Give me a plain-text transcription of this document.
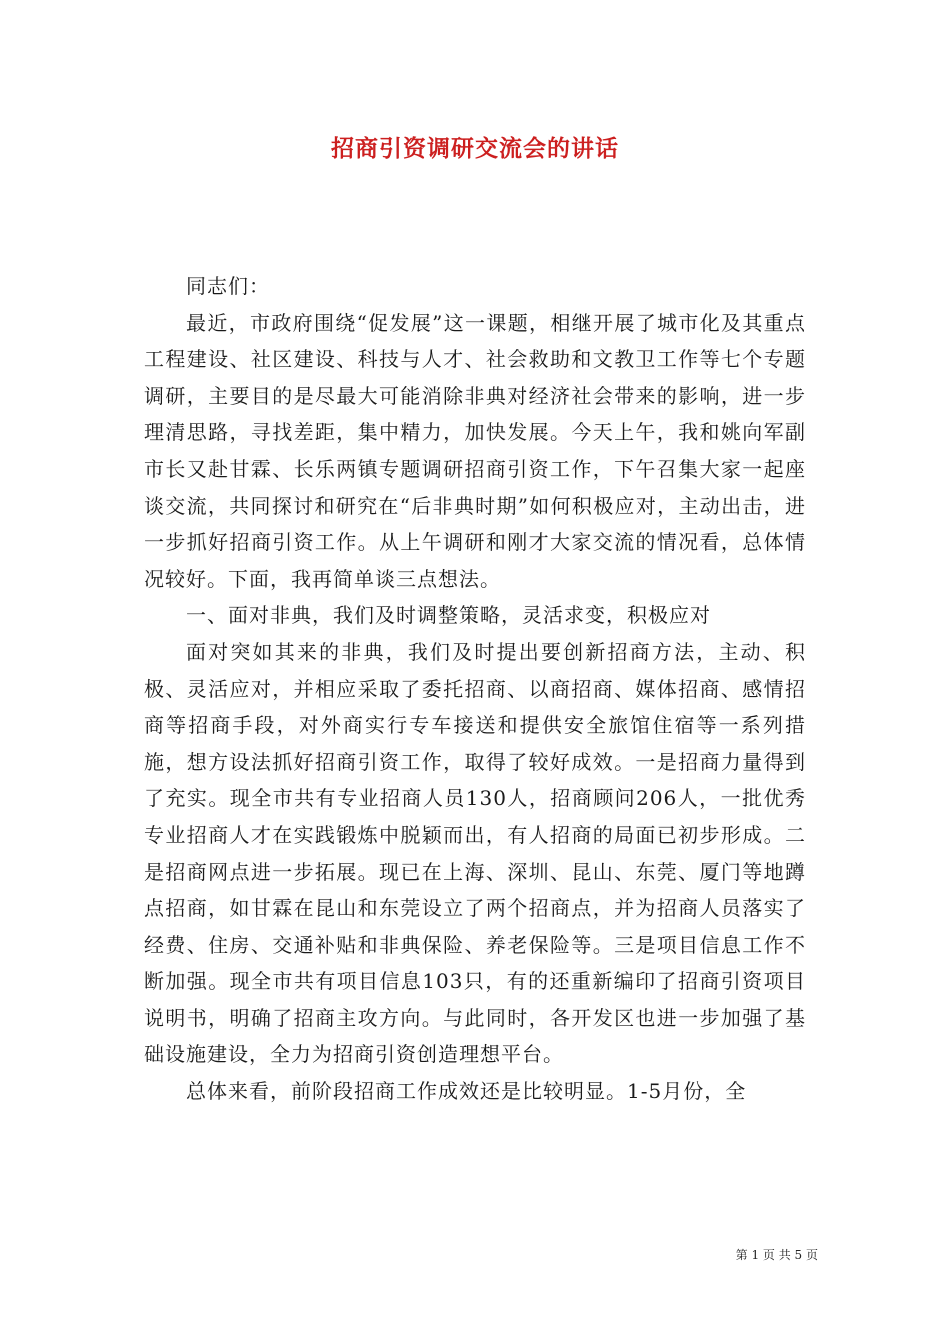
招商引资调研交流会的讲话

同志们：

最近，市政府围绕“促发展”这一课题，相继开展了城市化及其重点工程建设、社区建设、科技与人才、社会救助和文教卫工作等七个专题调研，主要目的是尽最大可能消除非典对经济社会带来的影响，进一步理清思路，寻找差距，集中精力，加快发展。今天上午，我和姚向军副市长又赴甘霖、长乐两镇专题调研招商引资工作，下午召集大家一起座谈交流，共同探讨和研究在“后非典时期”如何积极应对，主动出击，进一步抓好招商引资工作。从上午调研和刚才大家交流的情况看，总体情况较好。下面，我再简单谈三点想法。

一、面对非典，我们及时调整策略，灵活求变，积极应对

面对突如其来的非典，我们及时提出要创新招商方法，主动、积极、灵活应对，并相应采取了委托招商、以商招商、媒体招商、感情招商等招商手段，对外商实行专车接送和提供安全旅馆住宿等一系列措施，想方设法抓好招商引资工作，取得了较好成效。一是招商力量得到了充实。现全市共有专业招商人员130人，招商顾问206人，一批优秀专业招商人才在实践锻炼中脱颖而出，有人招商的局面已初步形成。二是招商网点进一步拓展。现已在上海、深圳、昆山、东莞、厦门等地蹲点招商，如甘霖在昆山和东莞设立了两个招商点，并为招商人员落实了经费、住房、交通补贴和非典保险、养老保险等。三是项目信息工作不断加强。现全市共有项目信息103只，有的还重新编印了招商引资项目说明书，明确了招商主攻方向。与此同时，各开发区也进一步加强了基础设施建设，全力为招商引资创造理想平台。

总体来看，前阶段招商工作成效还是比较明显。1-5月份，全

第 1 页 共 5 页
